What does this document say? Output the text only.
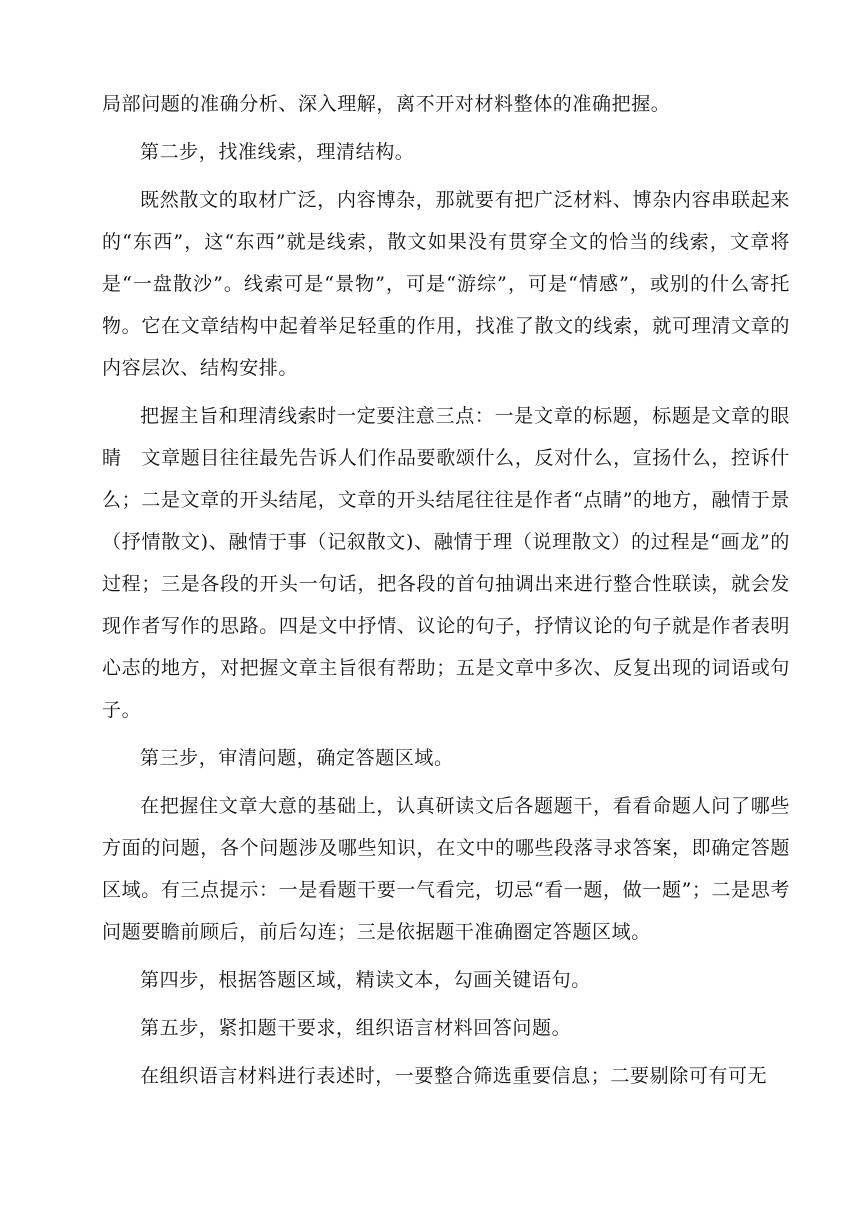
局部问题的准确分析、深入理解，离不开对材料整体的准确把握。

第二步，找准线索，理清结构。

既然散文的取材广泛，内容博杂，那就要有把广泛材料、博杂内容串联起来的“东西”，这“东西”就是线索，散文如果没有贯穿全文的恰当的线索，文章将是“一盘散沙”。线索可是“景物”，可是“游综”，可是“情感”，或别的什么寄托物。它在文章结构中起着举足轻重的作用，找准了散文的线索，就可理清文章的内容层次、结构安排。

把握主旨和理清线索时一定要注意三点：一是文章的标题，标题是文章的眼睛　文章题目往往最先告诉人们作品要歌颂什么，反对什么，宣扬什么，控诉什么；二是文章的开头结尾，文章的开头结尾往往是作者“点睛”的地方，融情于景（抒情散文)、融情于事（记叙散文)、融情于理（说理散文）的过程是“画龙”的过程；三是各段的开头一句话，把各段的首句抽调出来进行整合性联读，就会发现作者写作的思路。四是文中抒情、议论的句子，抒情议论的句子就是作者表明心志的地方，对把握文章主旨很有帮助；五是文章中多次、反复出现的词语或句子。

第三步，审清问题，确定答题区域。

在把握住文章大意的基础上，认真研读文后各题题干，看看命题人问了哪些方面的问题，各个问题涉及哪些知识，在文中的哪些段落寻求答案，即确定答题区域。有三点提示：一是看题干要一气看完，切忌“看一题，做一题”；二是思考问题要瞻前顾后，前后勾连；三是依据题干准确圈定答题区域。

第四步，根据答题区域，精读文本，勾画关键语句。

第五步，紧扣题干要求，组织语言材料回答问题。

在组织语言材料进行表述时，一要整合筛选重要信息；二要剔除可有可无
